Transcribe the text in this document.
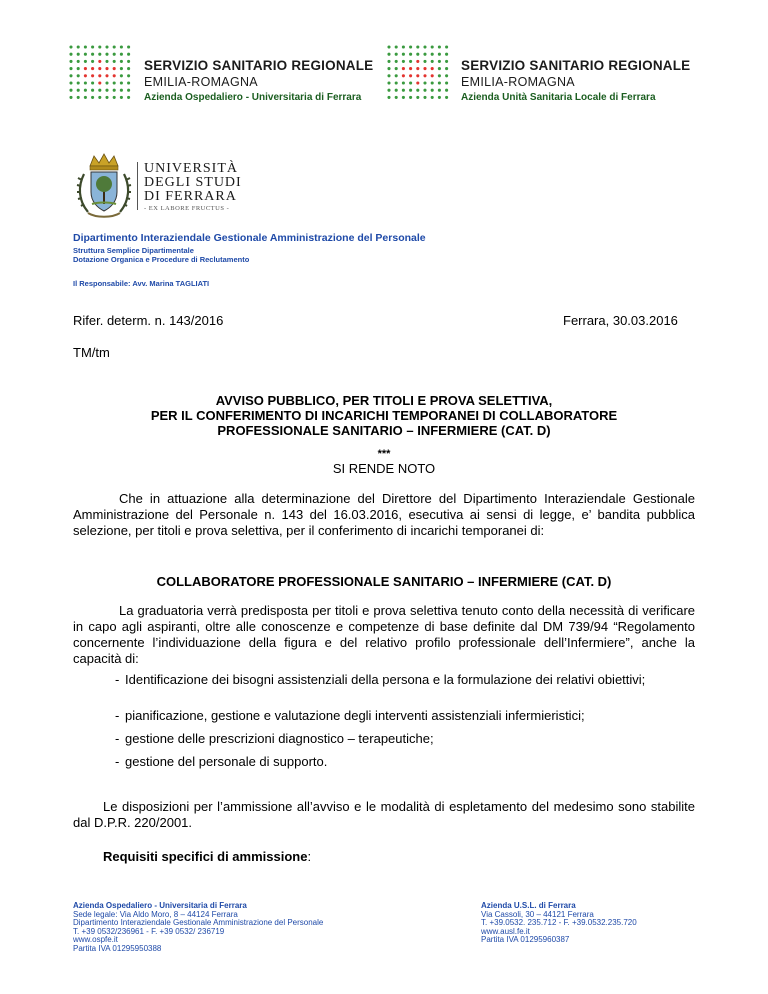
SERVIZIO SANITARIO REGIONALE
EMILIA-ROMAGNA
Azienda Ospedaliero - Universitaria di Ferrara
SERVIZIO SANITARIO REGIONALE
EMILIA-ROMAGNA
Azienda Unità Sanitaria Locale di Ferrara
UNIVERSITÀ
DEGLI STUDI
DI FERRARA
- EX LABORE FRUCTUS -
Dipartimento Interaziendale Gestionale Amministrazione del Personale
Struttura Semplice Dipartimentale
Dotazione Organica e Procedure di Reclutamento
Il Responsabile: Avv. Marina TAGLIATI
Rifer. determ. n. 143/2016	Ferrara, 30.03.2016
TM/tm
AVVISO PUBBLICO, PER TITOLI E PROVA SELETTIVA,
PER IL CONFERIMENTO DI INCARICHI TEMPORANEI DI COLLABORATORE
PROFESSIONALE SANITARIO – INFERMIERE (CAT. D)
***
SI RENDE NOTO
Che in attuazione alla determinazione del Direttore del Dipartimento Interaziendale Gestionale Amministrazione del Personale n. 143 del 16.03.2016, esecutiva ai sensi di legge, e’ bandita pubblica selezione, per titoli e prova selettiva, per il conferimento di incarichi temporanei di:
COLLABORATORE PROFESSIONALE SANITARIO – INFERMIERE (CAT. D)
La graduatoria verrà predisposta per titoli e prova selettiva tenuto conto della necessità di verificare in capo agli aspiranti, oltre alle conoscenze e competenze di base definite dal DM 739/94 “Regolamento concernente l’individuazione della figura e del relativo profilo professionale dell’Infermiere”, anche la capacità di:
- Identificazione dei bisogni assistenziali della persona e la formulazione dei relativi obiettivi;
- pianificazione, gestione e valutazione degli interventi assistenziali infermieristici;
- gestione delle prescrizioni diagnostico – terapeutiche;
- gestione del personale di supporto.
Le disposizioni per l’ammissione all’avviso e le modalità di espletamento del medesimo sono stabilite dal D.P.R. 220/2001.
Requisiti specifici di ammissione:
Azienda Ospedaliero - Universitaria di Ferrara
Sede legale: Via Aldo Moro, 8 – 44124 Ferrara
Dipartimento Interaziendale Gestionale Amministrazione del Personale
T. +39 0532/236961 - F. +39 0532/ 236719
www.ospfe.it
Partita IVA 01295950388
Azienda U.S.L. di Ferrara
Via Cassoli, 30 – 44121 Ferrara
T. +39.0532. 235.712 - F. +39.0532.235.720
www.ausl.fe.it
Partita IVA 01295960387
